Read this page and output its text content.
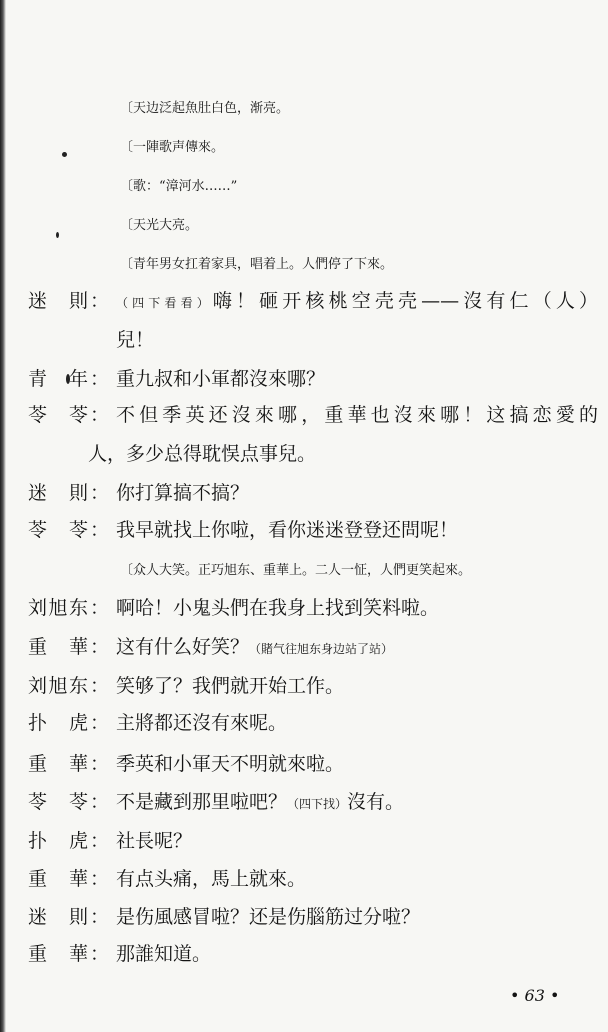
〔天边泛起魚肚白色，渐亮。
〔一陣歌声傳來。
〔歌：“漳河水……”
〔天光大亮。
〔青年男女扛着家具，唱着上。人們停了下來。
迷則 ： （四下看看）嗨！砸开核桃空壳壳——沒有仁（人）
兒！
青年 ： 重九叔和小軍都沒來哪？
苓苓 ： 不但季英还沒來哪，重華也沒來哪！这搞恋愛的
人，多少总得耽悮点事兒。
迷則 ： 你打算搞不搞？
苓苓 ： 我早就找上你啦，看你迷迷登登还問呢！
〔众人大笑。正巧旭东、重華上。二人一怔，人們更笑起來。
刘旭东 ： 啊哈！小鬼头們在我身上找到笑料啦。
重華 ： 这有什么好笑？（賭气往旭东身边站了站）
刘旭东 ： 笑够了？我們就开始工作。
扑虎 ： 主將都还沒有來呢。
重華 ： 季英和小軍天不明就來啦。
苓苓 ： 不是藏到那里啦吧？（四下找）沒有。
扑虎 ： 社長呢？
重華 ： 有点头痛，馬上就來。
迷則 ： 是伤風感冒啦？还是伤腦筋过分啦？
重華 ： 那誰知道。
• 63 •
